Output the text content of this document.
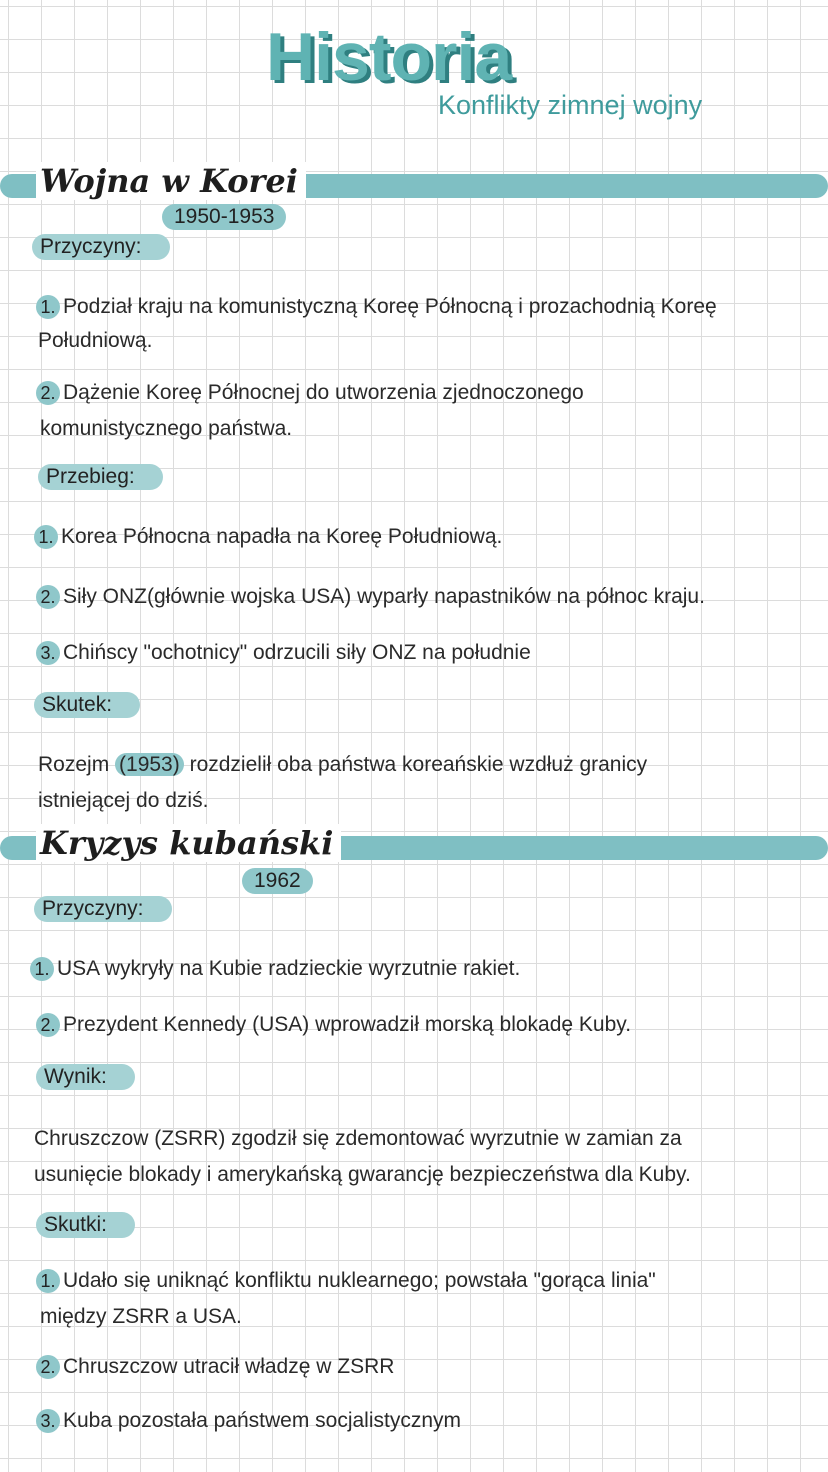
Historia
Konflikty zimnej wojny
Wojna w Korei
1950-1953
Przyczyny:
1. Podział kraju na komunistyczną Koreę Północną i prozachodnią Koreę
Południową.
2. Dążenie Koreę Północnej do utworzenia zjednoczonego
komunistycznego państwa.
Przebieg:
1. Korea Północna napadła na Koreę Południową.
2. Siły ONZ(głównie wojska USA) wyparły napastników na północ kraju.
3. Chińscy "ochotnicy" odrzucili siły ONZ na południe
Skutek:
Rozejm (1953) rozdzielił oba państwa koreańskie wzdłuż granicy
istniejącej do dziś.
Kryzys kubański
1962
Przyczyny:
1. USA wykryły na Kubie radzieckie wyrzutnie rakiet.
2. Prezydent Kennedy (USA) wprowadził morską blokadę Kuby.
Wynik:
Chruszczow (ZSRR) zgodził się zdemontować wyrzutnie w zamian za
usunięcie blokady i amerykańską gwarancję bezpieczeństwa dla Kuby.
Skutki:
1. Udało się uniknąć konfliktu nuklearnego; powstała "gorąca linia"
między ZSRR a USA.
2. Chruszczow utracił władzę w ZSRR
3. Kuba pozostała państwem socjalistycznym
